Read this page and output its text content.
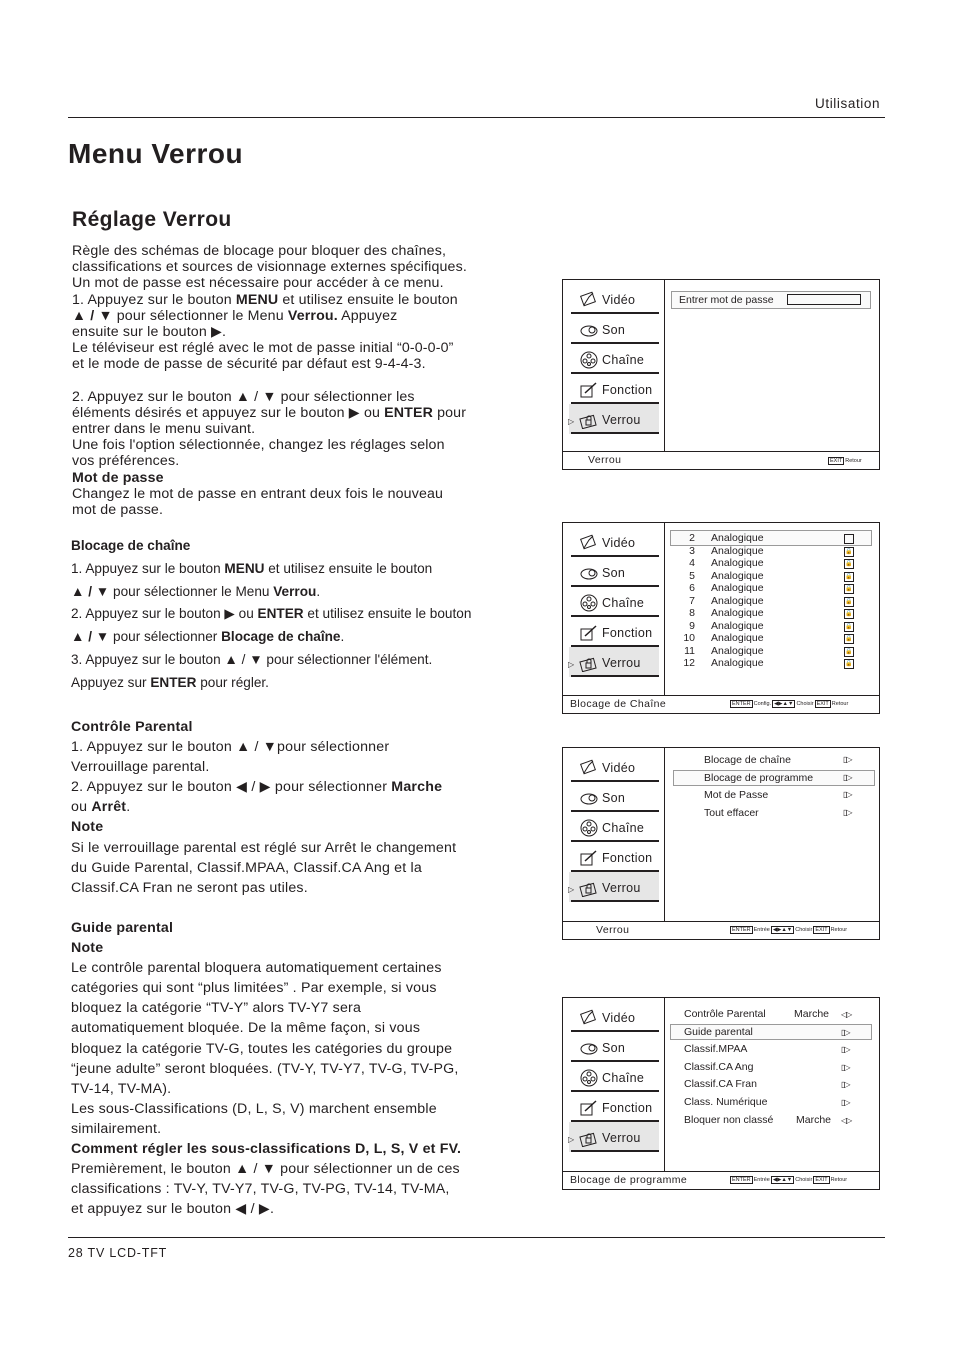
Utilisation
Menu Verrou
Réglage Verrou
Règle des schémas de blocage pour bloquer des chaînes,
classifications et sources de visionnage externes spécifiques.
Un mot de passe est nécessaire pour accéder à ce menu.
1. Appuyez sur le bouton MENU et utilisez ensuite le bouton
▲ / ▼ pour sélectionner le Menu Verrou. Appuyez
ensuite sur le bouton ▶.
Le téléviseur est réglé avec le mot de passe initial “0-0-0-0”
et le mode de passe de sécurité par défaut est 9-4-4-3.
2. Appuyez sur le bouton ▲ / ▼ pour sélectionner les
éléments désirés et appuyez sur le bouton ▶ ou ENTER pour
entrer dans le menu suivant.
Une fois l'option sélectionnée, changez les réglages selon
vos préférences.
Mot de passe
Changez le mot de passe en entrant deux fois le nouveau
mot de passe.
Blocage de chaîne
1. Appuyez sur le bouton MENU et utilisez ensuite le bouton
▲ / ▼ pour sélectionner le Menu Verrou.
2. Appuyez sur le bouton ▶ ou ENTER et utilisez ensuite le bouton
▲ / ▼ pour sélectionner Blocage de chaîne.
3. Appuyez sur le bouton ▲ / ▼ pour sélectionner l'élément.
Appuyez sur ENTER pour régler.
Contrôle Parental
1. Appuyez sur le bouton ▲ / ▼pour sélectionner
Verrouillage parental.
2. Appuyez sur le bouton ◀ / ▶ pour sélectionner Marche
ou Arrêt.
Note
Si le verrouillage parental est réglé sur Arrêt le changement
du Guide Parental, Classif.MPAA, Classif.CA Ang et la
Classif.CA Fran ne seront pas utiles.
Guide parental
Note
Le contrôle parental bloquera automatiquement certaines
catégories qui sont “plus limitées” . Par exemple, si vous
bloquez la catégorie “TV-Y” alors TV-Y7 sera
automatiquement bloquée. De la même façon, si vous
bloquez la catégorie TV-G, toutes les catégories du groupe
“jeune adulte” seront bloquées. (TV-Y, TV-Y7, TV-G, TV-PG,
TV-14, TV-MA).
Les sous-Classifications (D, L, S, V) marchent ensemble
similairement.
Comment régler les sous-classifications D, L, S, V et FV.
Premièrement, le bouton ▲ / ▼ pour sélectionner un de ces
classifications : TV-Y, TV-Y7, TV-G, TV-PG, TV-14, TV-MA,
et appuyez sur le bouton ◀ / ▶.
Vidéo
Son
Chaîne
Fonction
▷ Verrou
Entrer mot de passe
Verrou	EXIT Retour
Vidéo
Son
Chaîne
Fonction
▷ Verrou
Blocage de Chaîne	ENTER Config. ◀▶▲▼ Choisir EXIT Retour
2 Analogique
3 Analogique	🔒
4 Analogique	🔒
5 Analogique	🔒
6 Analogique	🔒
7 Analogique	🔒
8 Analogique	🔒
9 Analogique	🔒
10 Analogique	🔒
11 Analogique	🔒
12 Analogique	🔒
Vidéo
Son
Chaîne
Fonction
▷ Verrou
Verrou	ENTER Entrée ◀▶▲▼ Choisir EXIT Retour
Blocage de chaîne	▯▷
Blocage de programme	▯▷
Mot de Passe	▯▷
Tout effacer	▯▷
Vidéo
Son
Chaîne
Fonction
▷ Verrou
Blocage de programme	ENTER Entrée ◀▶▲▼ Choisir EXIT Retour
Contrôle Parental	Marche ◁▷
Guide parental	▯▷
Classif.MPAA	▯▷
Classif.CA Ang	▯▷
Classif.CA Fran	▯▷
Class. Numérique	▯▷
Bloquer non classé Marche ◁▷
28 TV LCD-TFT
